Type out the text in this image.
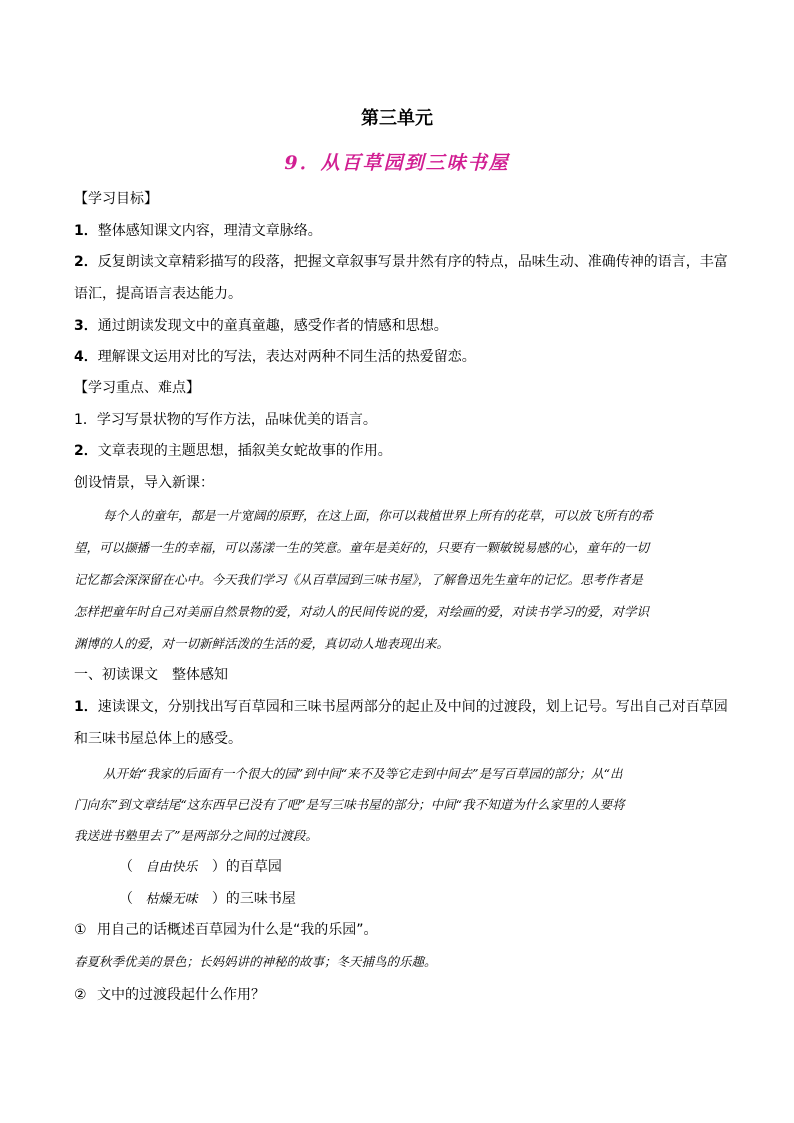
第三单元
9．从百草园到三味书屋
【学习目标】
1．整体感知课文内容，理清文章脉络。
2．反复朗读文章精彩描写的段落，把握文章叙事写景井然有序的特点，品味生动、准确传神的语言，丰富
语汇，提高语言表达能力。
3．通过朗读发现文中的童真童趣，感受作者的情感和思想。
4．理解课文运用对比的写法，表达对两种不同生活的热爱留恋。
【学习重点、难点】
1．学习写景状物的写作方法，品味优美的语言。
2．文章表现的主题思想，插叙美女蛇故事的作用。
创设情景，导入新课：
每个人的童年，都是一片宽阔的原野，在这上面，你可以栽植世界上所有的花草，可以放飞所有的希
望，可以撷播一生的幸福，可以荡漾一生的笑意。童年是美好的，只要有一颗敏锐易感的心，童年的一切
记忆都会深深留在心中。今天我们学习《从百草园到三味书屋》，了解鲁迅先生童年的记忆。思考作者是
怎样把童年时自己对美丽自然景物的爱，对动人的民间传说的爱，对绘画的爱，对读书学习的爱，对学识
渊博的人的爱，对一切新鲜活泼的生活的爱，真切动人地表现出来。
一、初读课文　整体感知
1．速读课文，分别找出写百草园和三味书屋两部分的起止及中间的过渡段，划上记号。写出自己对百草园
和三味书屋总体上的感受。
从开始“我家的后面有一个很大的园”到中间“来不及等它走到中间去”是写百草园的部分；从“出
门向东”到文章结尾“这东西早已没有了吧”是写三味书屋的部分；中间“我不知道为什么家里的人要将
我送进书塾里去了”是两部分之间的过渡段。
（ 自由快乐 ）的百草园
（ 枯燥无味 ）的三味书屋
① 用自己的话概述百草园为什么是“我的乐园”。
春夏秋季优美的景色；长妈妈讲的神秘的故事；冬天捕鸟的乐趣。
② 文中的过渡段起什么作用？
